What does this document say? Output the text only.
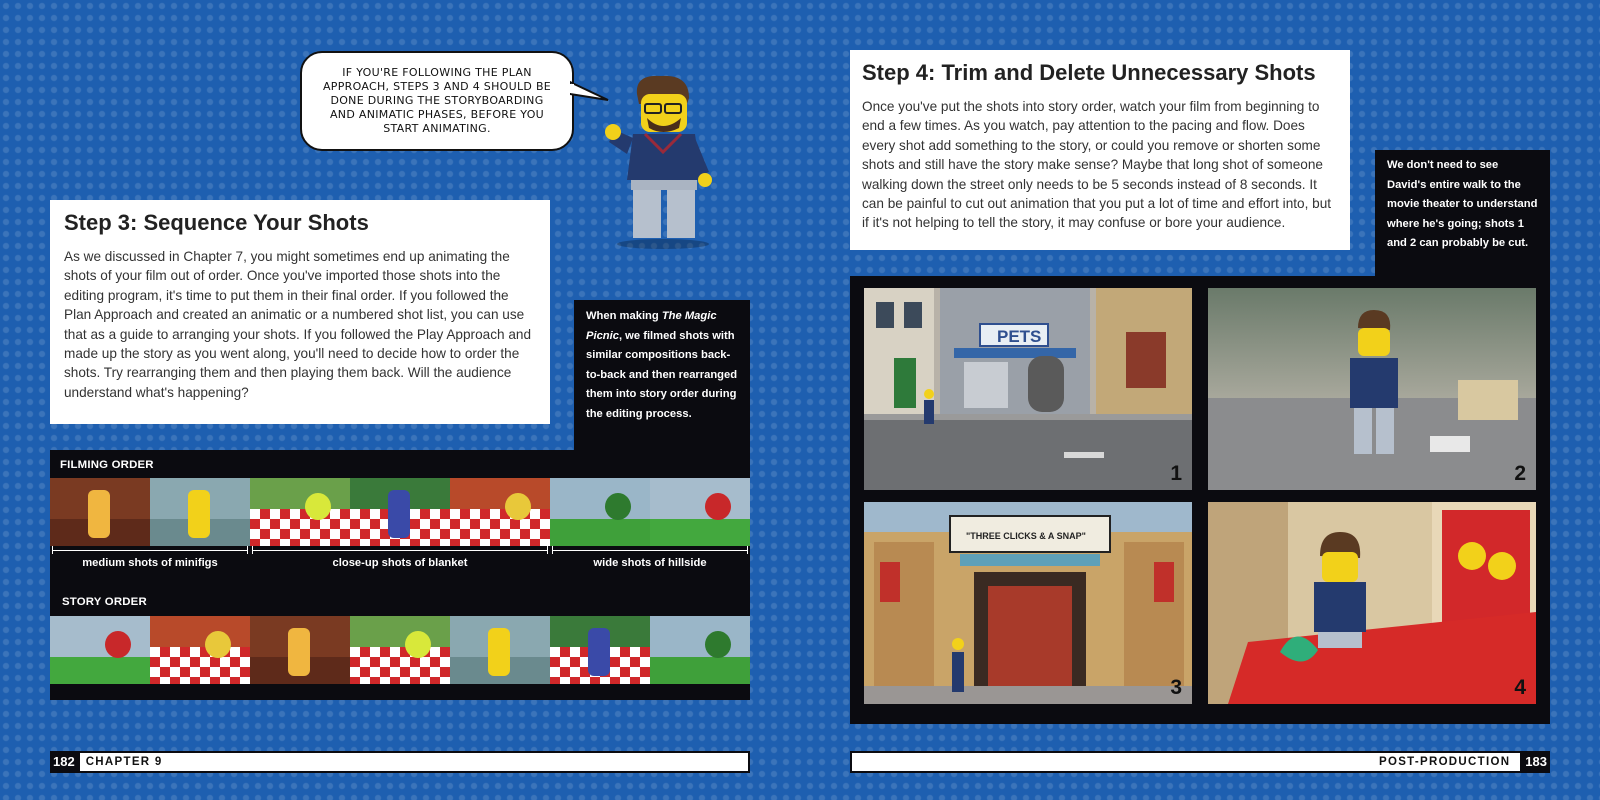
IF YOU'RE FOLLOWING THE PLAN APPROACH, STEPS 3 AND 4 SHOULD BE DONE DURING THE STORYBOARDING AND ANIMATIC PHASES, BEFORE YOU START ANIMATING.
Step 3: Sequence Your Shots

As we discussed in Chapter 7, you might sometimes end up animating the shots of your film out of order. Once you've imported those shots into the editing program, it's time to put them in their final order. If you followed the Plan Approach and created an animatic or a numbered shot list, you can use that as a guide to arranging your shots. If you followed the Play Approach and made up the story as you went along, you'll need to decide how to order the shots. Try rearranging them and then playing them back. Will the audience understand what's happening?

When making The Magic Picnic, we filmed shots with similar compositions back-to-back and then rearranged them into story order during the editing process.
FILMING ORDER
medium shots of minifigs	close-up shots of blanket	wide shots of hillside
STORY ORDER
182 CHAPTER 9
Step 4: Trim and Delete Unnecessary Shots

Once you've put the shots into story order, watch your film from beginning to end a few times. As you watch, pay attention to the pacing and flow. Does every shot add something to the story, or could you remove or shorten some shots and still have the story make sense? Maybe that long shot of someone walking down the street only needs to be 5 seconds instead of 8 seconds. It can be painful to cut out animation that you put a lot of time and effort into, but if it's not helping to tell the story, it may confuse or bore your audience.

We don't need to see David's entire walk to the movie theater to understand where he's going; shots 1 and 2 can probably be cut.
PETS
1	2
"THREE CLICKS & A SNAP"
3	4
POST-PRODUCTION 183
